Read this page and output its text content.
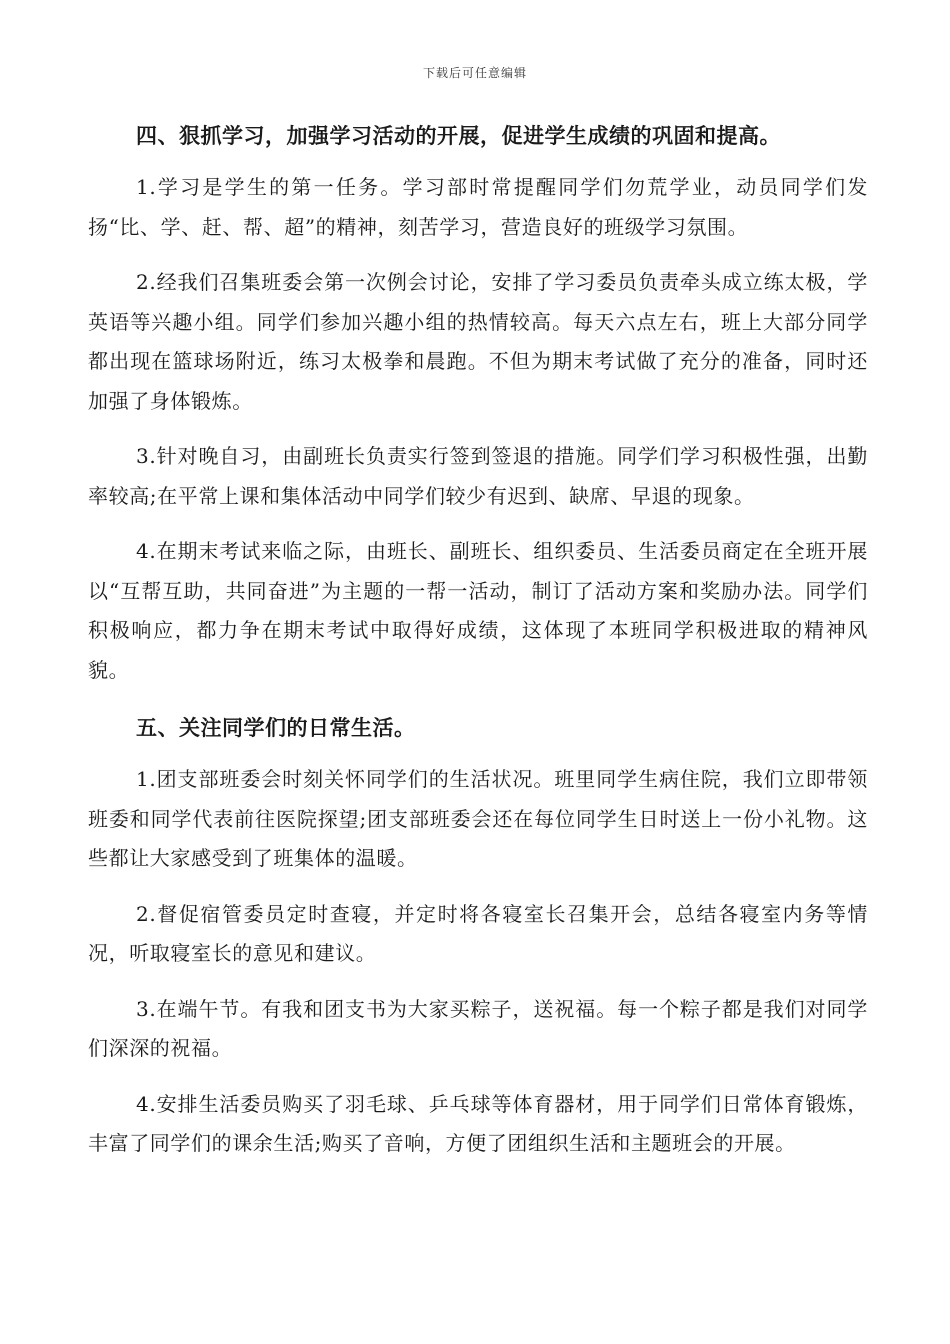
下载后可任意编辑
四、狠抓学习，加强学习活动的开展，促进学生成绩的巩固和提高。

1.学习是学生的第一任务。学习部时常提醒同学们勿荒学业，动员同学们发扬“比、学、赶、帮、超”的精神，刻苦学习，营造良好的班级学习氛围。

2.经我们召集班委会第一次例会讨论，安排了学习委员负责牵头成立练太极，学英语等兴趣小组。同学们参加兴趣小组的热情较高。每天六点左右，班上大部分同学都出现在篮球场附近，练习太极拳和晨跑。不但为期末考试做了充分的准备，同时还加强了身体锻炼。

3.针对晚自习，由副班长负责实行签到签退的措施。同学们学习积极性强，出勤率较高;在平常上课和集体活动中同学们较少有迟到、缺席、早退的现象。

4.在期末考试来临之际，由班长、副班长、组织委员、生活委员商定在全班开展以“互帮互助，共同奋进”为主题的一帮一活动，制订了活动方案和奖励办法。同学们积极响应，都力争在期末考试中取得好成绩，这体现了本班同学积极进取的精神风貌。

五、关注同学们的日常生活。

1.团支部班委会时刻关怀同学们的生活状况。班里同学生病住院，我们立即带领班委和同学代表前往医院探望;团支部班委会还在每位同学生日时送上一份小礼物。这些都让大家感受到了班集体的温暖。

2.督促宿管委员定时查寝，并定时将各寝室长召集开会，总结各寝室内务等情况，听取寝室长的意见和建议。

3.在端午节。有我和团支书为大家买粽子，送祝福。每一个粽子都是我们对同学们深深的祝福。

4.安排生活委员购买了羽毛球、乒乓球等体育器材，用于同学们日常体育锻炼，丰富了同学们的课余生活;购买了音响，方便了团组织生活和主题班会的开展。
